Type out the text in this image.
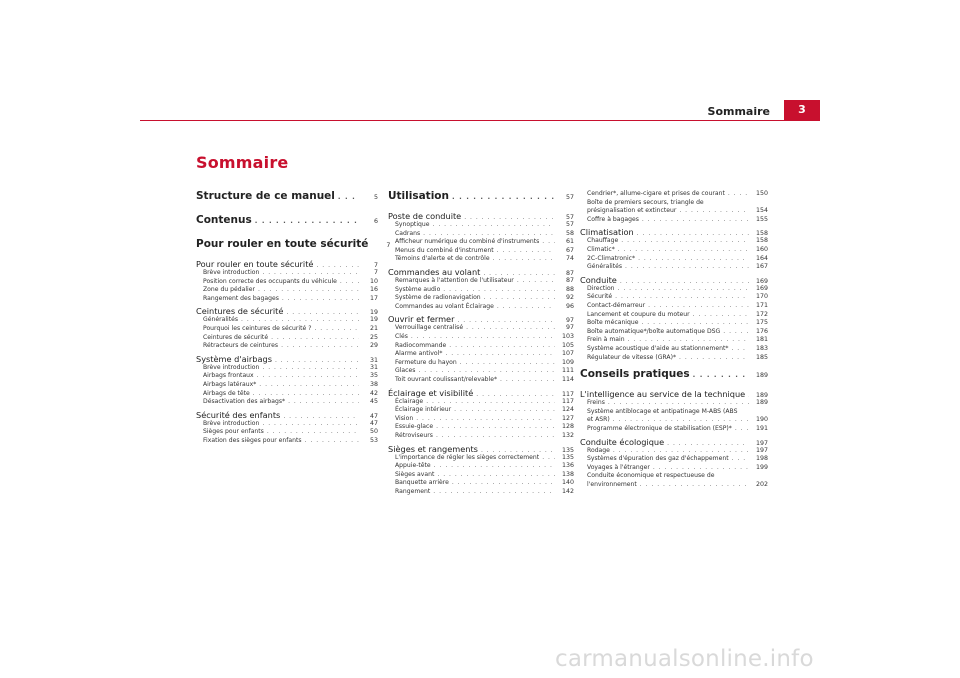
Sommaire	3
Sommaire
Structure de ce manuel . . .	5
Contenus . . .	6
Pour rouler en toute sécurité	7
Pour rouler en toute sécurité . . .	7
Brève introduction . . .	7
Position correcte des occupants du véhicule . . .	10
Zone du pédalier . . .	16
Rangement des bagages . . .	17
Ceintures de sécurité . . .	19
Généralités . . .	19
Pourquoi les ceintures de sécurité ? . . .	21
Ceintures de sécurité . . .	25
Rétracteurs de ceintures . . .	29
Système d'airbags . . .	31
Brève introduction . . .	31
Airbags frontaux . . .	35
Airbags latéraux* . . .	38
Airbags de tête . . .	42
Désactivation des airbags* . . .	45
Sécurité des enfants . . .	47
Brève introduction . . .	47
Sièges pour enfants . . .	50
Fixation des sièges pour enfants . . .	53
Utilisation . . .	57
Poste de conduite . . .	57
Synoptique . . .	57
Cadrans . . .	58
Afficheur numérique du combiné d'instruments . . .	61
Menus du combiné d'instrument . . .	67
Témoins d'alerte et de contrôle . . .	74
Commandes au volant . . .	87
Remarques à l'attention de l'utilisateur . . .	87
Système audio . . .	88
Système de radionavigation . . .	92
Commandes au volant Éclairage . . .	96
Ouvrir et fermer . . .	97
Verrouillage centralisé . . .	97
Clés . . .	103
Radiocommande . . .	105
Alarme antivol* . . .	107
Fermeture du hayon . . .	109
Glaces . . .	111
Toit ouvrant coulissant/relevable* . . .	114
Éclairage et visibilité . . .	117
Éclairage . . .	117
Éclairage intérieur . . .	124
Vision . . .	127
Essuie-glace . . .	128
Rétroviseurs . . .	132
Sièges et rangements . . .	135
L'importance de régler les sièges correctement . . .	135
Appuie-tête . . .	136
Sièges avant . . .	138
Banquette arrière . . .	140
Rangement . . .	142
Cendrier*, allume-cigare et prises de courant . . .	150
Boîte de premiers secours, triangle de
présignalisation et extincteur . . .	154
Coffre à bagages . . .	155
Climatisation . . .	158
Chauffage . . .	158
Climatic* . . .	160
2C-Climatronic* . . .	164
Généralités . . .	167
Conduite . . .	169
Direction . . .	169
Sécurité . . .	170
Contact-démarreur . . .	171
Lancement et coupure du moteur . . .	172
Boîte mécanique . . .	175
Boîte automatique*/boîte automatique DSG . . .	176
Frein à main . . .	181
Système acoustique d'aide au stationnement* . . .	183
Régulateur de vitesse (GRA)* . . .	185
Conseils pratiques . . .	189
L'intelligence au service de la technique . . .	189
Freins . . .	189
Système antiblocage et antipatinage M-ABS (ABS
et ASR) . . .	190
Programme électronique de stabilisation (ESP)* . . .	191
Conduite écologique . . .	197
Rodage . . .	197
Systèmes d'épuration des gaz d'échappement . . .	198
Voyages à l'étranger . . .	199
Conduite économique et respectueuse de
l'environnement . . .	202
carmanualsonline.info
